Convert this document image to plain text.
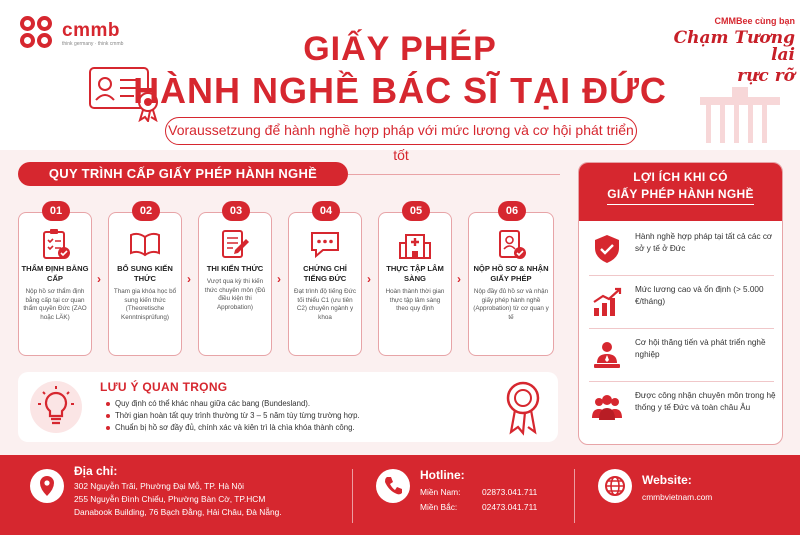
cmmb
think germany · think cmmb	GIẤY PHÉP
HÀNH NGHỀ BÁC SĨ TẠI ĐỨC
Voraussetzung để hành nghề hợp pháp với mức lương và cơ hội phát triển tốt
CMMBee cùng bạn
Chạm Tương lai
rực rỡ
QUY TRÌNH CẤP GIẤY PHÉP HÀNH NGHỀ
01
THẨM ĐỊNH BẰNG CẤP
Nộp hồ sơ thẩm định bằng cấp tại cơ quan thẩm quyền Đức (ZAO hoặc LÄK)
›
02
BỔ SUNG KIẾN THỨC
Tham gia khóa học bổ sung kiến thức (Theoretische Kenntnisprüfung)
›
03
THI KIẾN THỨC
Vượt qua kỳ thi kiến thức chuyên môn (Đủ điều kiện thi Approbation)
›
04
CHỨNG CHỈ TIẾNG ĐỨC
Đạt trình độ tiếng Đức tối thiểu C1 (ưu tiên C2) chuyên ngành y khoa
›
05
THỰC TẬP LÂM SÀNG
Hoàn thành thời gian thực tập lâm sàng theo quy định
›
06
NỘP HỒ SƠ & NHẬN GIẤY PHÉP
Nộp đầy đủ hồ sơ và nhận giấy phép hành nghề (Approbation) từ cơ quan y tế
LƯU Ý QUAN TRỌNG
Quy định có thể khác nhau giữa các bang (Bundesland).
Thời gian hoàn tất quy trình thường từ 3 – 5 năm tùy từng trường hợp.
Chuẩn bị hồ sơ đầy đủ, chính xác và kiên trì là chìa khóa thành công.
LỢI ÍCH KHI CÓ
GIẤY PHÉP HÀNH NGHỀ
Hành nghề hợp pháp tại tất cả các cơ sở y tế ở Đức
Mức lương cao và ổn định (> 5.000 €/tháng)
Cơ hội thăng tiến và phát triển nghề nghiệp
Được công nhận chuyên môn trong hệ thống y tế Đức và toàn châu Âu
Địa chỉ:
302 Nguyễn Trãi, Phường Đại Mỗ, TP. Hà Nội
255 Nguyễn Đình Chiểu, Phường Bàn Cờ, TP.HCM
Danabook Building, 76 Bạch Đằng, Hải Châu, Đà Nẵng.
Hotline:
Miền Nam:	02873.041.711
Miền Bắc:	02473.041.711
Website:
cmmbvietnam.com
